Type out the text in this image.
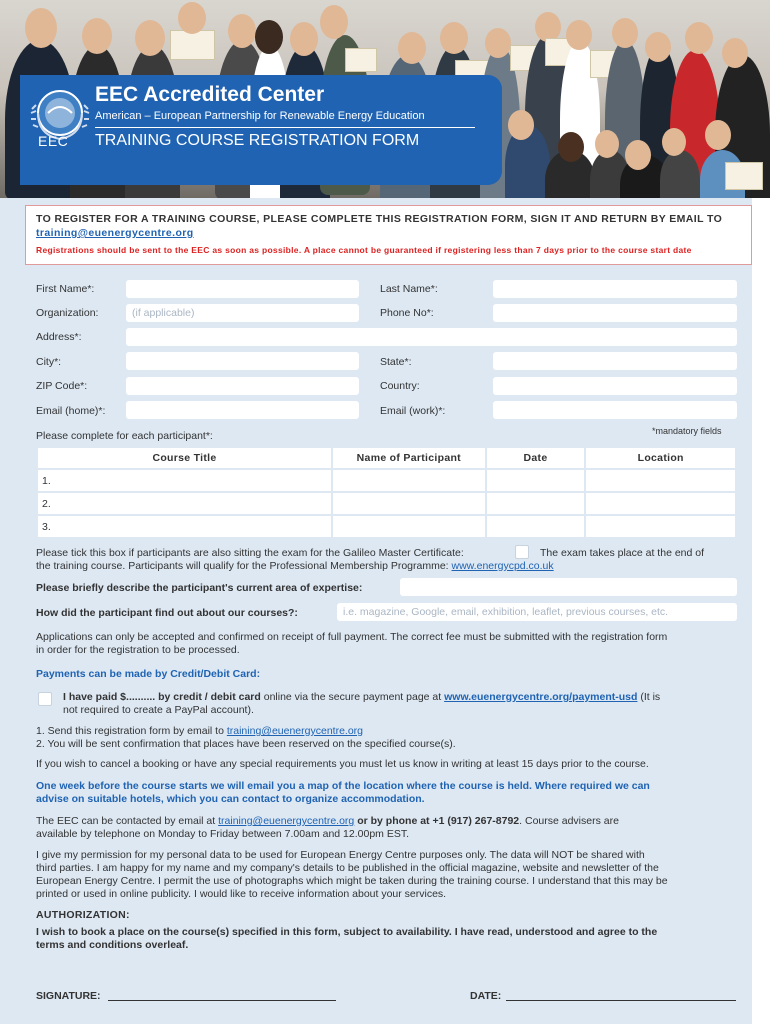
EEC
EEC Accredited Center
American – European Partnership for Renewable Energy Education
TRAINING COURSE REGISTRATION FORM
TO REGISTER FOR A TRAINING COURSE, PLEASE COMPLETE THIS REGISTRATION FORM, SIGN IT AND RETURN BY EMAIL TO training@euenergycentre.org
Registrations should be sent to the EEC as soon as possible. A place cannot be guaranteed if registering less than 7 days prior to the course start date
First Name*:	Last Name*:
Organization:	(if applicable)	Phone No*:
Address*:
City*:	State*:
ZIP Code*:	Country:
Email (home)*:	Email (work)*:
*mandatory fields
Please complete for each participant*:
Course Title	Name of Participant	Date	Location
1.			
2.			
3.			
Please tick this box if participants are also sitting the exam for the Galileo Master Certificate:	The exam takes place at the end of
the training course. Participants will qualify for the Professional Membership Programme: www.energycpd.co.uk
Please briefly describe the participant's current area of expertise:
How did the participant find out about our courses?:	i.e. magazine, Google, email, exhibition, leaflet, previous courses, etc.
Applications can only be accepted and confirmed on receipt of full payment. The correct fee must be submitted with the registration form
in order for the registration to be processed.
Payments can be made by Credit/Debit Card:
I have paid $.......... by credit / debit card online via the secure payment page at www.euenergycentre.org/payment-usd (It is
not required to create a PayPal account).
1. Send this registration form by email to training@euenergycentre.org
2. You will be sent confirmation that places have been reserved on the specified course(s).
If you wish to cancel a booking or have any special requirements you must let us know in writing at least 15 days prior to the course.
One week before the course starts we will email you a map of the location where the course is held. Where required we can
advise on suitable hotels, which you can contact to organize accommodation.
The EEC can be contacted by email at training@euenergycentre.org or by phone at +1 (917) 267-8792. Course advisers are
available by telephone on Monday to Friday between 7.00am and 12.00pm EST.
I give my permission for my personal data to be used for European Energy Centre purposes only. The data will NOT be shared with
third parties. I am happy for my name and my company's details to be published in the official magazine, website and newsletter of the
European Energy Centre. I permit the use of photographs which might be taken during the training course. I understand that this may be
printed or used in online publicity. I would like to receive information about your services.
AUTHORIZATION:
I wish to book a place on the course(s) specified in this form, subject to availability. I have read, understood and agree to the
terms and conditions overleaf.
SIGNATURE:	DATE:
